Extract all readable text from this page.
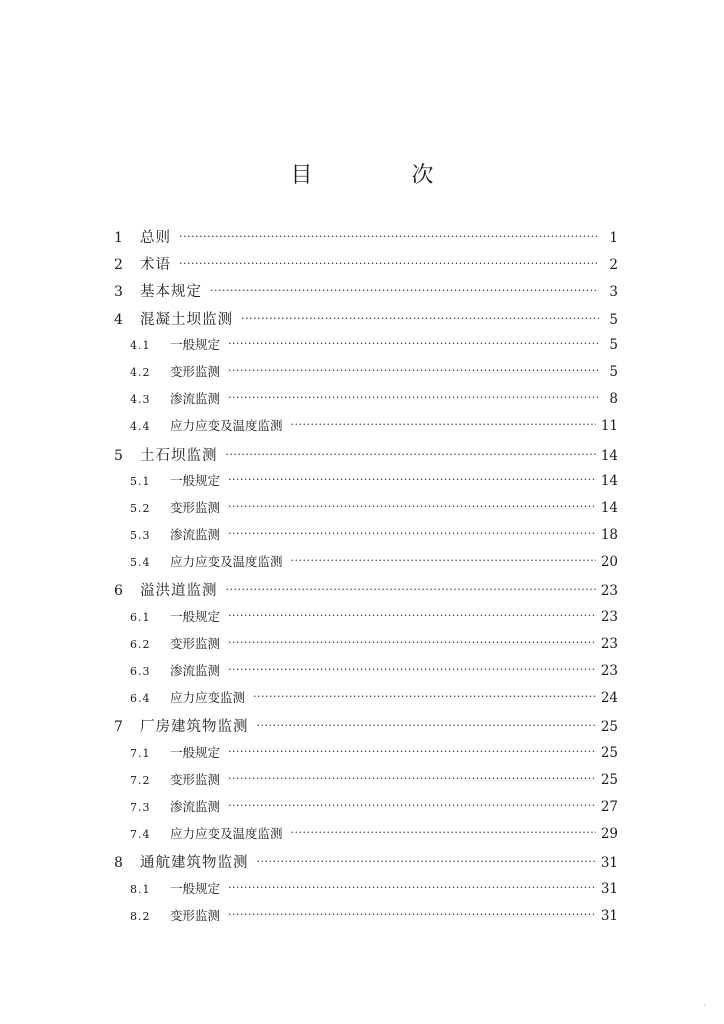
目 次
1	总则 ·····	1
2	术语 ·····	2
3	基本规定 ·····	3
4	混凝土坝监测 ·····	5
4.1	一般规定 ·····	5
4.2	变形监测 ·····	5
4.3	渗流监测 ·····	8
4.4	应力应变及温度监测 ·····	11
5	土石坝监测 ·····	14
5.1	一般规定 ·····	14
5.2	变形监测 ·····	14
5.3	渗流监测 ·····	18
5.4	应力应变及温度监测 ·····	20
6	溢洪道监测 ·····	23
6.1	一般规定 ·····	23
6.2	变形监测 ·····	23
6.3	渗流监测 ·····	23
6.4	应力应变监测 ·····	24
7	厂房建筑物监测 ·····	25
7.1	一般规定 ·····	25
7.2	变形监测 ·····	25
7.3	渗流监测 ·····	27
7.4	应力应变及温度监测 ·····	29
8	通航建筑物监测 ·····	31
8.1	一般规定 ·····	31
8.2	变形监测 ·····	31
·
